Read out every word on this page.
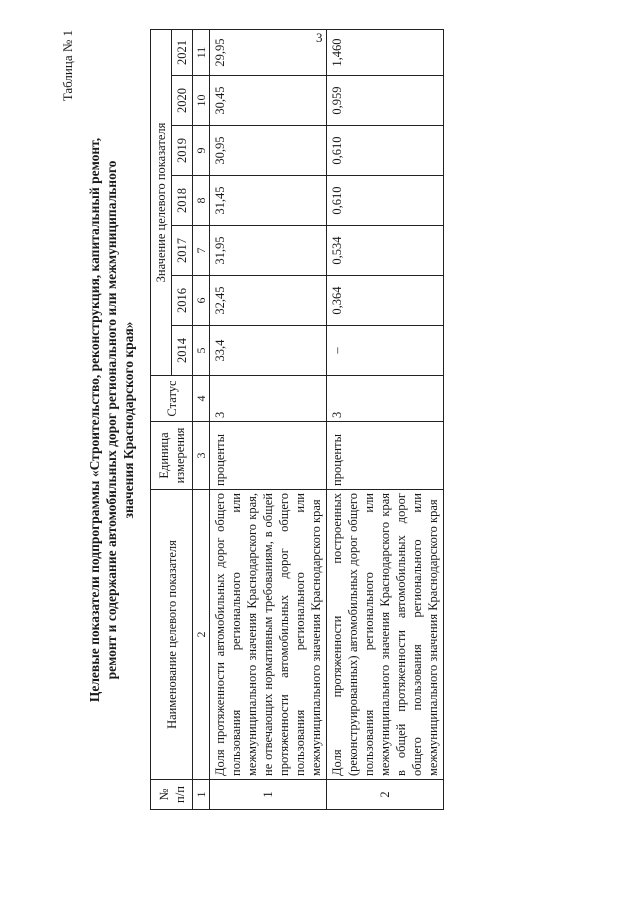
3
Таблица № 1
Целевые показатели подпрограммы «Строительство, реконструкция, капитальный ремонт, ремонт и содержание автомобильных дорог регионального или межмуниципального значения Краснодарского края»
№ п/п	Наименование целевого показателя	Единица измерения	Статус	Значение целевого показателя						
				2014	2016	2017	2018	2019	2020	2021
1	2	3	4	5	6	7	8	9	10	11
1	Доля протяженности автомобильных дорог общего пользования регионального или межмуниципального значения Краснодарского края, не отвечающих нормативным требованиям, в общей протяженности автомобильных дорог общего пользования регионального или межмуниципального значения Краснодарского края	проценты	3	33,4	32,45	31,95	31,45	30,95	30,45	29,95
2	Доля протяженности построенных (реконструированных) автомобильных дорог общего пользования регионального или межмуниципального значения Краснодарского края в общей протяженности автомобильных дорог общего пользования регионального или межмуниципального значения Краснодарского края	проценты	3	–	0,364	0,534	0,610	0,610	0,959	1,460
